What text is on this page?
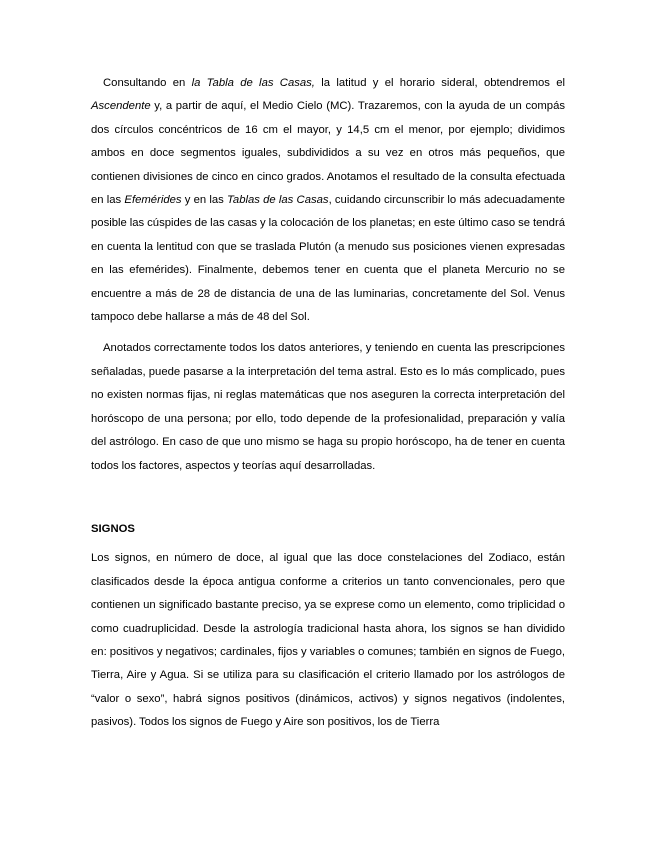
Consultando en la Tabla de las Casas, la latitud y el horario sideral, obtendremos el Ascendente y, a partir de aquí, el Medio Cielo (MC). Trazaremos, con la ayuda de un compás dos círculos concéntricos de 16 cm el mayor, y 14,5 cm el menor, por ejemplo; dividimos ambos en doce segmentos iguales, subdivididos a su vez en otros más pequeños, que contienen divisiones de cinco en cinco grados. Anotamos el resultado de la consulta efectuada en las Efemérides y en las Tablas de las Casas, cuidando circunscribir lo más adecuadamente posible las cúspides de las casas y la colocación de los planetas; en este último caso se tendrá en cuenta la lentitud con que se traslada Plutón (a menudo sus posiciones vienen expresadas en las efemérides). Finalmente, debemos tener en cuenta que el planeta Mercurio no se encuentre a más de 28 de distancia de una de las luminarias, concretamente del Sol. Venus tampoco debe hallarse a más de 48 del Sol.

Anotados correctamente todos los datos anteriores, y teniendo en cuenta las prescripciones señaladas, puede pasarse a la interpretación del tema astral. Esto es lo más complicado, pues no existen normas fijas, ni reglas matemáticas que nos aseguren la correcta interpretación del horóscopo de una persona; por ello, todo depende de la profesionalidad, preparación y valía del astrólogo. En caso de que uno mismo se haga su propio horóscopo, ha de tener en cuenta todos los factores, aspectos y teorías aquí desarrolladas.

SIGNOS

Los signos, en número de doce, al igual que las doce constelaciones del Zodiaco, están clasificados desde la época antigua conforme a criterios un tanto convencionales, pero que contienen un significado bastante preciso, ya se exprese como un elemento, como triplicidad o como cuadruplicidad. Desde la astrología tradicional hasta ahora, los signos se han dividido en: positivos y negativos; cardinales, fijos y variables o comunes; también en signos de Fuego, Tierra, Aire y Agua. Si se utiliza para su clasificación el criterio llamado por los astrólogos de “valor o sexo”, habrá signos positivos (dinámicos, activos) y signos negativos (indolentes, pasivos). Todos los signos de Fuego y Aire son positivos, los de Tierra
